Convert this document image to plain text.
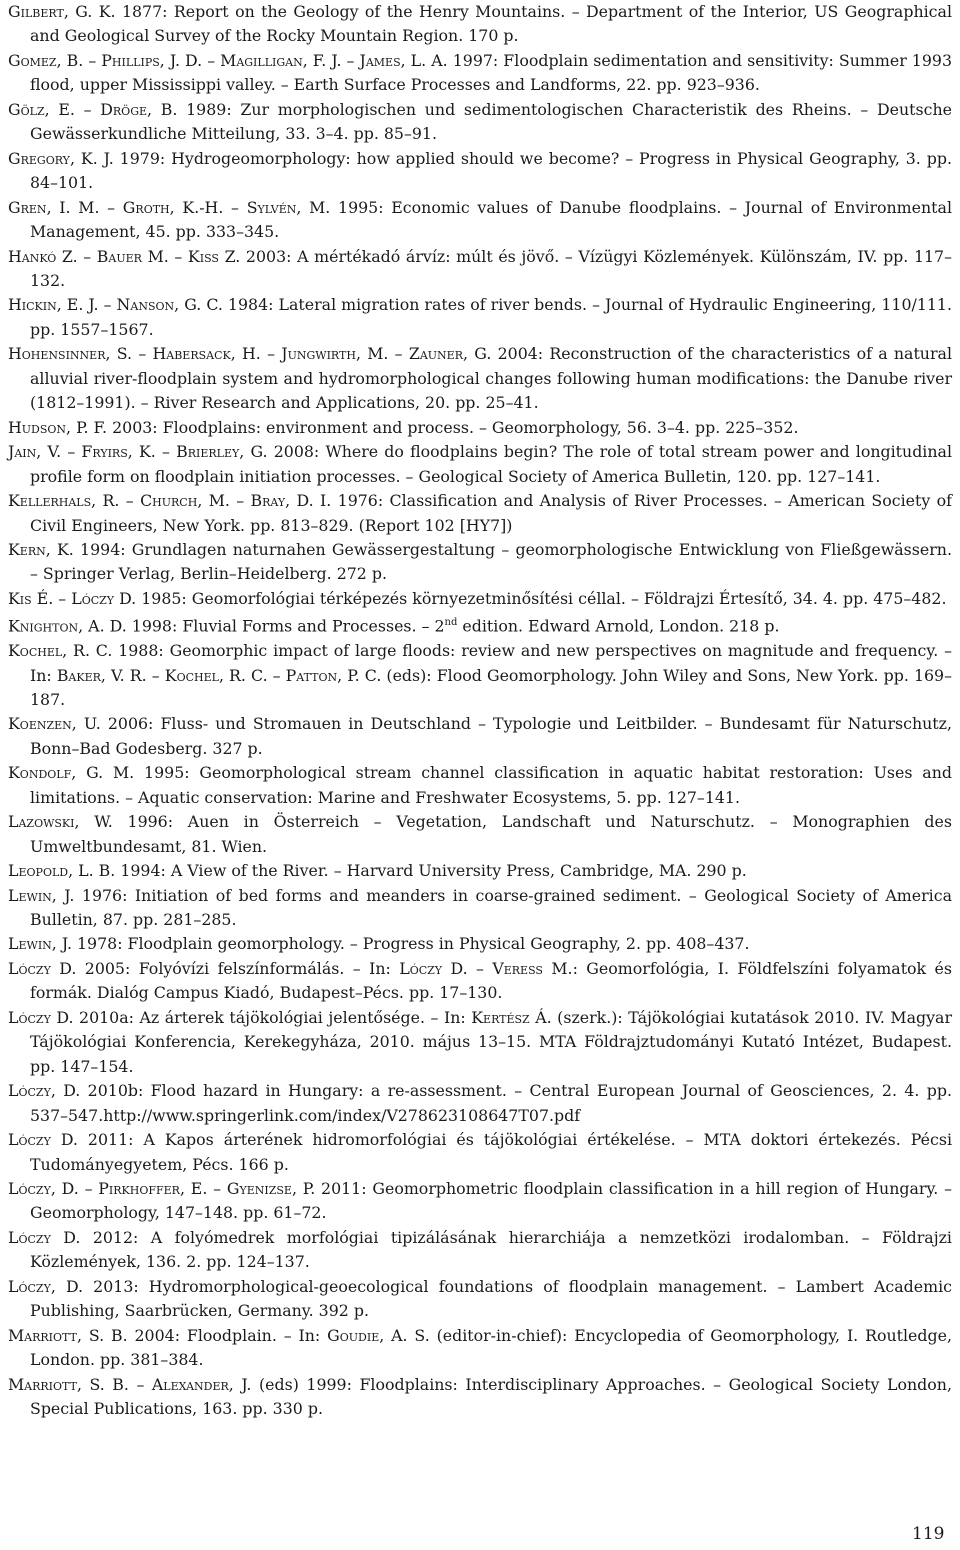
Gilbert, G. K. 1877: Report on the Geology of the Henry Mountains. – Department of the Interior, US Geographical and Geological Survey of the Rocky Mountain Region. 170 p.

Gomez, B. – Phillips, J. D. – Magilligan, F. J. – James, L. A. 1997: Floodplain sedimentation and sensitivity: Summer 1993 flood, upper Mississippi valley. – Earth Surface Processes and Landforms, 22. pp. 923–936.

Gölz, E. – Dröge, B. 1989: Zur morphologischen und sedimentologischen Characteristik des Rheins. – Deutsche Gewässerkundliche Mitteilung, 33. 3–4. pp. 85–91.

Gregory, K. J. 1979: Hydrogeomorphology: how applied should we become? – Progress in Physical Geography, 3. pp. 84–101.

Gren, I. M. – Groth, K.-H. – Sylvén, M. 1995: Economic values of Danube floodplains. – Journal of Environmental Management, 45. pp. 333–345.

Hankó Z. – Bauer M. – Kiss Z. 2003: A mértékadó árvíz: múlt és jövő. – Vízügyi Közlemények. Különszám, IV. pp. 117–132.

Hickin, E. J. – Nanson, G. C. 1984: Lateral migration rates of river bends. – Journal of Hydraulic Engineering, 110/111. pp. 1557–1567.

Hohensinner, S. – Habersack, H. – Jungwirth, M. – Zauner, G. 2004: Reconstruction of the characteristics of a natural alluvial river-floodplain system and hydromorphological changes following human modifications: the Danube river (1812–1991). – River Research and Applications, 20. pp. 25–41.

Hudson, P. F. 2003: Floodplains: environment and process. – Geomorphology, 56. 3–4. pp. 225–352.

Jain, V. – Fryirs, K. – Brierley, G. 2008: Where do floodplains begin? The role of total stream power and longitudinal profile form on floodplain initiation processes. – Geological Society of America Bulletin, 120. pp. 127–141.

Kellerhals, R. – Church, M. – Bray, D. I. 1976: Classification and Analysis of River Processes. – American Society of Civil Engineers, New York. pp. 813–829. (Report 102 [HY7])

Kern, K. 1994: Grundlagen naturnahen Gewässergestaltung – geomorphologische Entwicklung von Fließgewässern. – Springer Verlag, Berlin–Heidelberg. 272 p.

Kis É. – Lóczy D. 1985: Geomorfológiai térképezés környezetminősítési céllal. – Földrajzi Értesítő, 34. 4. pp. 475–482.

Knighton, A. D. 1998: Fluvial Forms and Processes. – 2nd edition. Edward Arnold, London. 218 p.

Kochel, R. C. 1988: Geomorphic impact of large floods: review and new perspectives on magnitude and frequency. – In: Baker, V. R. – Kochel, R. C. – Patton, P. C. (eds): Flood Geomorphology. John Wiley and Sons, New York. pp. 169–187.

Koenzen, U. 2006: Fluss- und Stromauen in Deutschland – Typologie und Leitbilder. – Bundesamt für Naturschutz, Bonn–Bad Godesberg. 327 p.

Kondolf, G. M. 1995: Geomorphological stream channel classification in aquatic habitat restoration: Uses and limitations. – Aquatic conservation: Marine and Freshwater Ecosystems, 5. pp. 127–141.

Lazowski, W. 1996: Auen in Österreich – Vegetation, Landschaft und Naturschutz. – Monographien des Umweltbundesamt, 81. Wien.

Leopold, L. B. 1994: A View of the River. – Harvard University Press, Cambridge, MA. 290 p.

Lewin, J. 1976: Initiation of bed forms and meanders in coarse-grained sediment. – Geological Society of America Bulletin, 87. pp. 281–285.

Lewin, J. 1978: Floodplain geomorphology. – Progress in Physical Geography, 2. pp. 408–437.

Lóczy D. 2005: Folyóvízi felszínformálás. – In: Lóczy D. – Veress M.: Geomorfológia, I. Földfelszíni folyamatok és formák. Dialóg Campus Kiadó, Budapest–Pécs. pp. 17–130.

Lóczy D. 2010a: Az árterek tájökológiai jelentősége. – In: Kertész Á. (szerk.): Tájökológiai kutatások 2010. IV. Magyar Tájökológiai Konferencia, Kerekegyháza, 2010. május 13–15. MTA Földrajztudományi Kutató Intézet, Budapest. pp. 147–154.

Lóczy, D. 2010b: Flood hazard in Hungary: a re-assessment. – Central European Journal of Geosciences, 2. 4. pp. 537–547.http://www.springerlink.com/index/V278623108647T07.pdf

Lóczy D. 2011: A Kapos árterének hidromorfológiai és tájökológiai értékelése. – MTA doktori értekezés. Pécsi Tudományegyetem, Pécs. 166 p.

Lóczy, D. – Pirkhoffer, E. – Gyenizse, P. 2011: Geomorphometric floodplain classification in a hill region of Hungary. – Geomorphology, 147–148. pp. 61–72.

Lóczy D. 2012: A folyómedrek morfológiai tipizálásának hierarchiája a nemzetközi irodalomban. – Földrajzi Közlemények, 136. 2. pp. 124–137.

Lóczy, D. 2013: Hydromorphological-geoecological foundations of floodplain management. – Lambert Academic Publishing, Saarbrücken, Germany. 392 p.

Marriott, S. B. 2004: Floodplain. – In: Goudie, A. S. (editor-in-chief): Encyclopedia of Geomorphology, I. Routledge, London. pp. 381–384.

Marriott, S. B. – Alexander, J. (eds) 1999: Floodplains: Interdisciplinary Approaches. – Geological Society London, Special Publications, 163. pp. 330 p.

119
